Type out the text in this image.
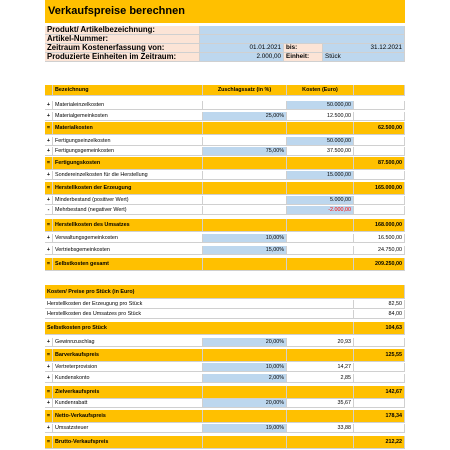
Verkaufspreise berechnen
Produkt/ Artikelbezeichnung:
Artikel-Nummer:
Zeitraum Kostenerfassung von:	01.01.2021 bis:	31.12.2021
Produzierte Einheiten im Zeitraum:	2.000,00 Einheit:	Stück
Bezeichnung	Zuschlagssatz (in %)	Kosten (Euro)
+ Materialeinzelkosten	50.000,00
+ Materialgemeinkosten	25,00%	12.500,00
= Materialkosten	62.500,00
+ Fertigungseinzelkosten	50.000,00
+ Fertigungsgemeinkosten	75,00%	37.500,00
= Fertigungskosten	87.500,00
+ Sondereinzelkosten für die Herstellung	15.000,00
= Herstellkosten der Erzeugung	165.000,00
+ Minderbestand (positiver Wert)	5.000,00
-	Mehrbestand (negativer Wert)	-2.000,00
= Herstellkosten des Umsatzes	168.000,00
+ Verwaltungsgemeinkosten	10,00%	16.500,00
+ Vertriebsgemeinkosten	15,00%	24.750,00
= Selbstkosten gesamt	209.250,00
Kosten/ Preise pro Stück (in Euro)
Herstellkosten der Erzeugung pro Stück	82,50
Herstellkosten des Umsatzes pro Stück	84,00
Selbstkosten pro Stück	104,63
+ Gewinnzuschlag	20,00%	20,93
= Barverkaufspreis	125,55
+ Vertreterprovision	10,00%	14,27
+ Kundenskonto	2,00%	2,85
= Zielverkaufspreis	142,67
+ Kundenrabatt	20,00%	35,67
= Netto-Verkaufspreis	178,34
+ Umsatzsteuer	19,00%	33,88
= Brutto-Verkaufspreis	212,22
